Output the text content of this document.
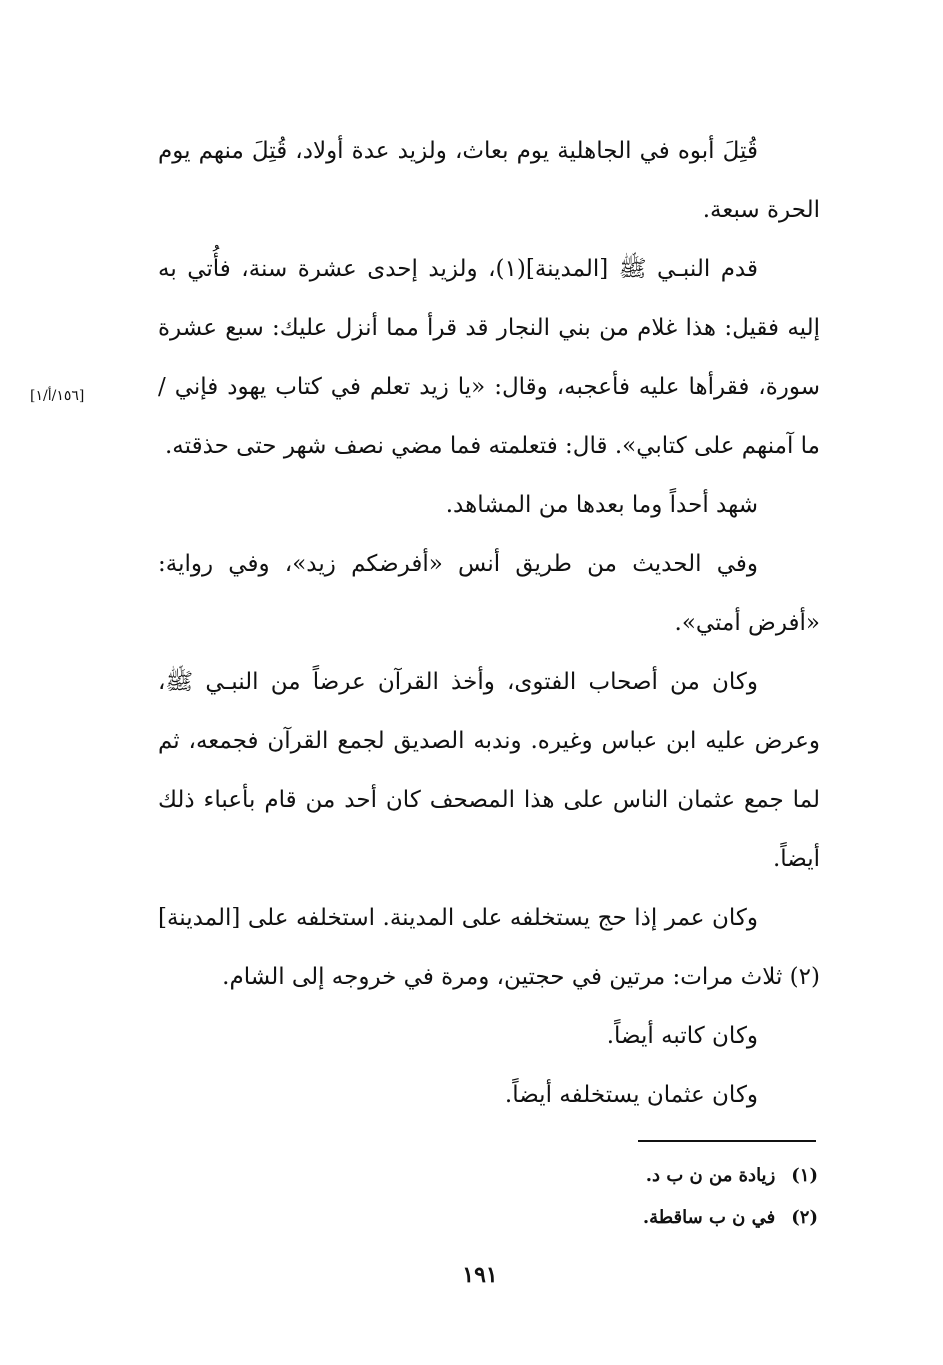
قُتِلَ أبوه في الجاهلية يوم بعاث، ولزيد عدة أولاد، قُتِلَ منهم يوم الحرة سبعة.

قدم النبـي ﷺ [المدينة](١)، ولزيد إحدى عشرة سنة، فأُتي به إليه فقيل: هذا غلام من بني النجار قد قرأ مما أنزل عليك: سبع عشرة سورة، فقرأها عليه فأعجبه، وقال: «يا زيد تعلم في كتاب يهود فإني / ما آمنهم على كتابي». قال: فتعلمته فما مضي نصف شهر حتى حذقته.

شهد أحداً وما بعدها من المشاهد.

وفي الحديث من طريق أنس «أفرضكم زيد»، وفي رواية: «أفرض أمتي».

وكان من أصحاب الفتوى، وأخذ القرآن عرضاً من النبـي ﷺ، وعرض عليه ابن عباس وغيره. وندبه الصديق لجمع القرآن فجمعه، ثم لما جمع عثمان الناس على هذا المصحف كان أحد من قام بأعباء ذلك أيضاً.

وكان عمر إذا حج يستخلفه على المدينة. استخلفه على [المدينة](٢) ثلاث مرات: مرتين في حجتين، ومرة في خروجه إلى الشام.

وكان كاتبه أيضاً.

وكان عثمان يستخلفه أيضاً.

[١٥٦/أ/١]

(١)زيادة من ن ب د.

(٢)في ن ب ساقطة.

١٩١
